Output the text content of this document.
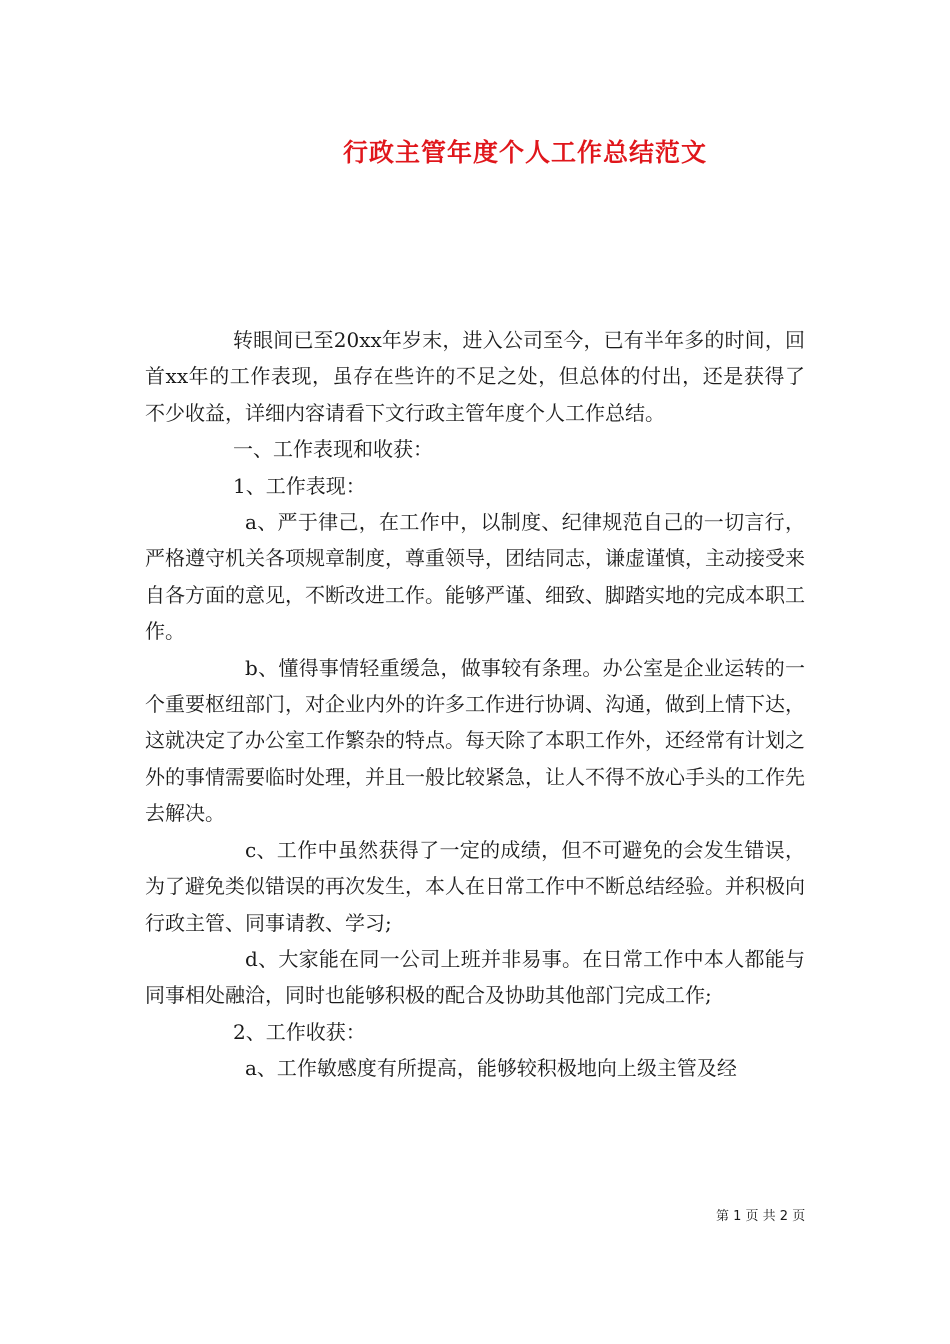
行政主管年度个人工作总结范文

转眼间已至20xx年岁末，进入公司至今，已有半年多的时间，回首xx年的工作表现，虽存在些许的不足之处，但总体的付出，还是获得了不少收益，详细内容请看下文行政主管年度个人工作总结。

一、工作表现和收获：

1、工作表现：

a、严于律己，在工作中，以制度、纪律规范自己的一切言行，严格遵守机关各项规章制度，尊重领导，团结同志，谦虚谨慎，主动接受来自各方面的意见，不断改进工作。能够严谨、细致、脚踏实地的完成本职工作。

b、懂得事情轻重缓急，做事较有条理。办公室是企业运转的一个重要枢纽部门，对企业内外的许多工作进行协调、沟通，做到上情下达，这就决定了办公室工作繁杂的特点。每天除了本职工作外，还经常有计划之外的事情需要临时处理，并且一般比较紧急，让人不得不放心手头的工作先去解决。

c、工作中虽然获得了一定的成绩，但不可避免的会发生错误，为了避免类似错误的再次发生，本人在日常工作中不断总结经验。并积极向行政主管、同事请教、学习;

d、大家能在同一公司上班并非易事。在日常工作中本人都能与同事相处融洽，同时也能够积极的配合及协助其他部门完成工作;

2、工作收获：

a、工作敏感度有所提高，能够较积极地向上级主管及经

第 1 页 共 2 页
